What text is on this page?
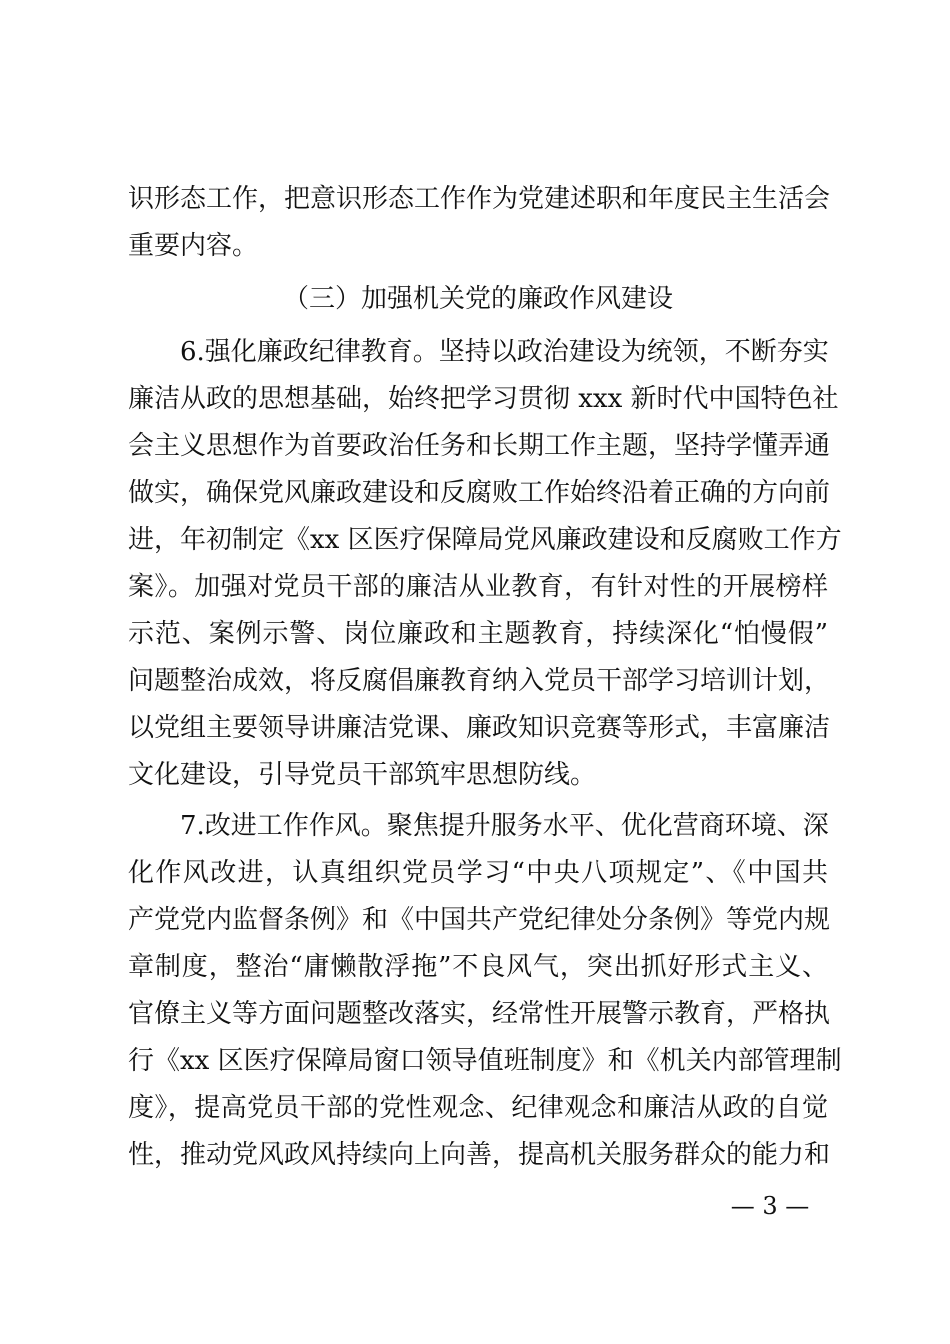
识形态工作，把意识形态工作作为党建述职和年度民主生活会
重要内容。
（三）加强机关党的廉政作风建设
6.强化廉政纪律教育。坚持以政治建设为统领，不断夯实
廉洁从政的思想基础，始终把学习贯彻 xxx 新时代中国特色社
会主义思想作为首要政治任务和长期工作主题，坚持学懂弄通
做实，确保党风廉政建设和反腐败工作始终沿着正确的方向前
进，年初制定《xx 区医疗保障局党风廉政建设和反腐败工作方
案》。加强对党员干部的廉洁从业教育，有针对性的开展榜样
示范、案例示警、岗位廉政和主题教育，持续深化“怕慢假”
问题整治成效，将反腐倡廉教育纳入党员干部学习培训计划，
以党组主要领导讲廉洁党课、廉政知识竞赛等形式，丰富廉洁
文化建设，引导党员干部筑牢思想防线。
7.改进工作作风。聚焦提升服务水平、优化营商环境、深
化作风改进，认真组织党员学习“中央八项规定”、《中国共
产党党内监督条例》和《中国共产党纪律处分条例》等党内规
章制度，整治“庸懒散浮拖”不良风气，突出抓好形式主义、
官僚主义等方面问题整改落实，经常性开展警示教育，严格执
行《xx 区医疗保障局窗口领导值班制度》和《机关内部管理制
度》，提高党员干部的党性观念、纪律观念和廉洁从政的自觉
性，推动党风政风持续向上向善，提高机关服务群众的能力和
— 3 —
